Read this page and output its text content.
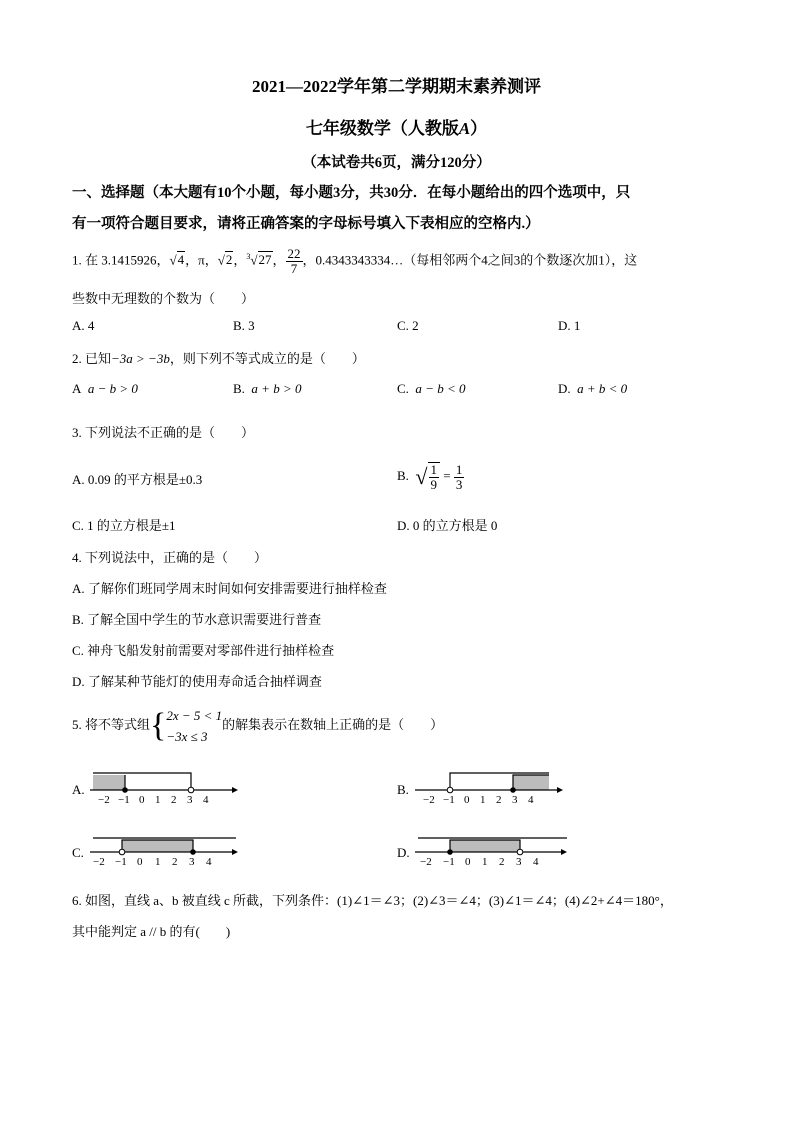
2021—2022学年第二学期期末素养测评
七年级数学（人教版A）
（本试卷共6页，满分120分）
一、选择题（本大题有10个小题，每小题3分，共30分．在每小题给出的四个选项中，只
有一项符合题目要求，请将正确答案的字母标号填入下表相应的空格内.）
1. 在 3.1415926，√4，π，√2，$^3$√27， $\frac{22}{7}$ ，0.4343343334…（每相邻两个4之间3的个数逐次加1），这
些数中无理数的个数为（　　）
A. 4	B. 3	C. 2	D. 1
2. 已知−3a > −3b，则下列不等式成立的是（　　）
A a − b > 0	B. a + b > 0	C. a − b < 0	D. a + b < 0
3. 下列说法不正确的是（　　）
A. 0.09 的平方根是±0.3	B. √ $\frac{1}{9} = \frac{1}{3}$
C. 1 的立方根是±1	D. 0 的立方根是 0
4. 下列说法中，正确的是（　　）
A. 了解你们班同学周末时间如何安排需要进行抽样检查
B. 了解全国中学生的节水意识需要进行普查
C. 神舟飞船发射前需要对零部件进行抽样检查
D. 了解某种节能灯的使用寿命适合抽样调查
5. 将不等式组{ 2x − 5 < 1
−3x ≤ 3
的解集表示在数轴上正确的是（　　）
A.
−2 −1 0 1 2 3 4
B.
−2 −1 0 1 2 3 4
C.
−2 −1 0 1 2 3 4
D.
−2 −1 0 1 2 3 4
6. 如图，直线 a、b 被直线 c 所截，下列条件：(1)∠1＝∠3；(2)∠3＝∠4；(3)∠1＝∠4；(4)∠2+∠4＝180°，
其中能判定 a // b 的有(　　)
